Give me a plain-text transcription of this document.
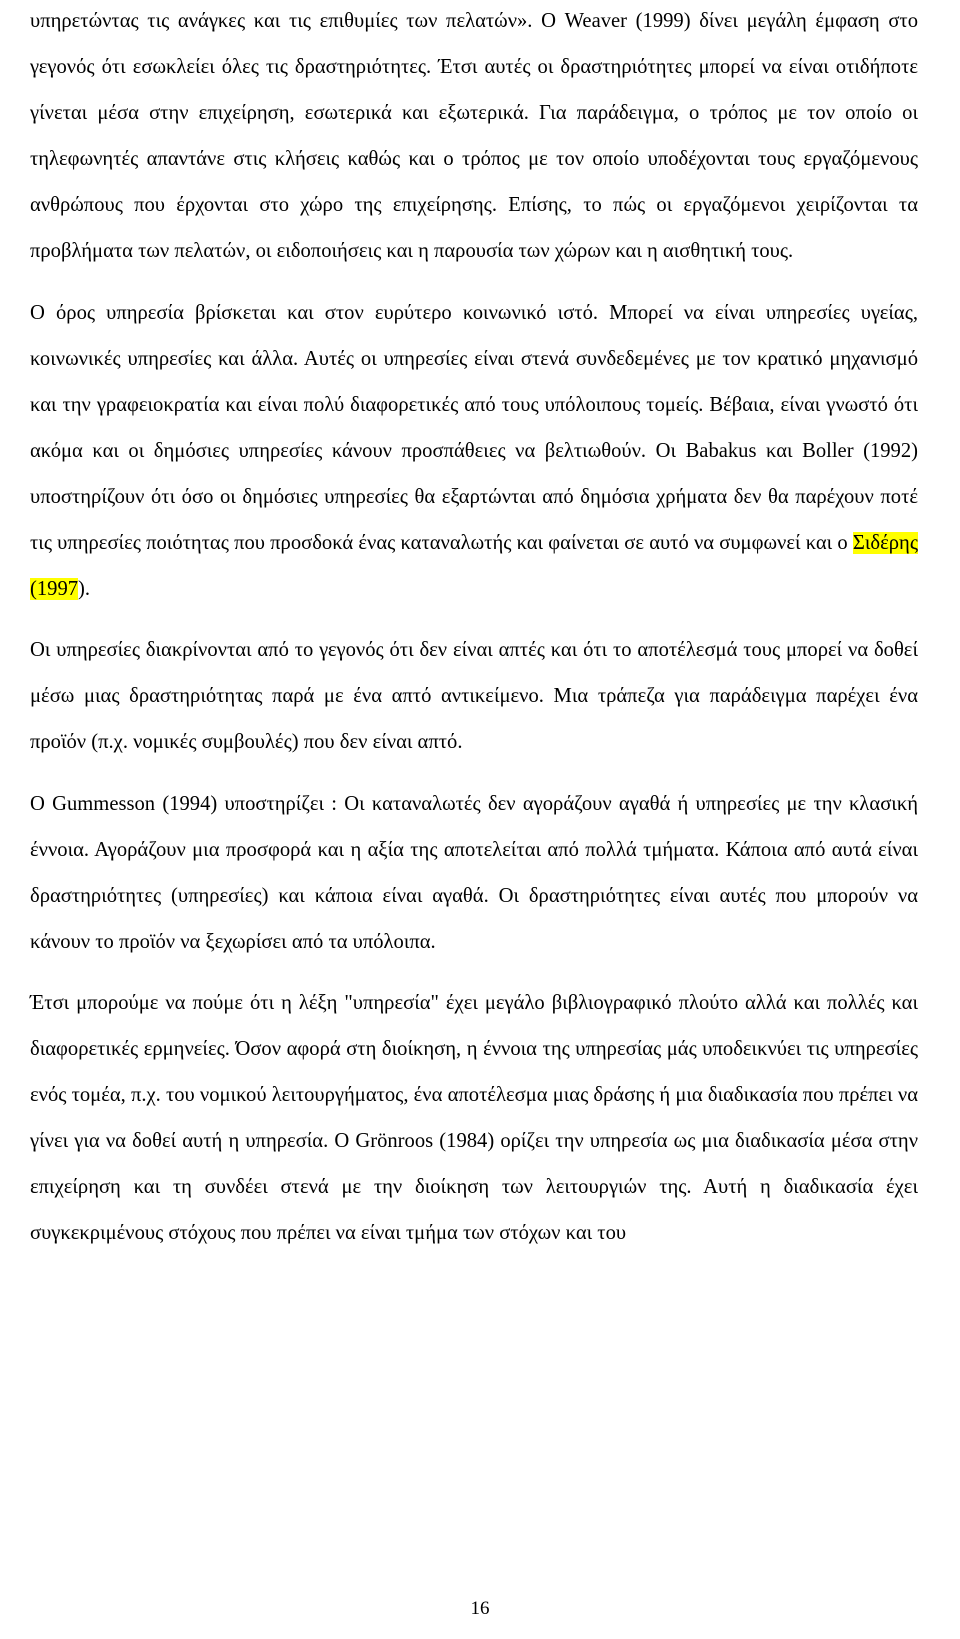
υπηρετώντας τις ανάγκες και τις επιθυμίες των πελατών». Ο Weaver (1999) δίνει μεγάλη έμφαση στο γεγονός ότι εσωκλείει όλες τις δραστηριότητες. Έτσι αυτές οι δραστηριότητες μπορεί να είναι οτιδήποτε γίνεται μέσα στην επιχείρηση, εσωτερικά και εξωτερικά. Για παράδειγμα, ο τρόπος με τον οποίο οι τηλεφωνητές απαντάνε στις κλήσεις καθώς και ο τρόπος με τον οποίο υποδέχονται τους εργαζόμενους ανθρώπους που έρχονται στο χώρο της επιχείρησης. Επίσης, το πώς οι εργαζόμενοι χειρίζονται τα προβλήματα των πελατών, οι ειδοποιήσεις και η παρουσία των χώρων και η αισθητική τους.

Ο όρος υπηρεσία βρίσκεται και στον ευρύτερο κοινωνικό ιστό. Μπορεί να είναι υπηρεσίες υγείας, κοινωνικές υπηρεσίες και άλλα. Αυτές οι υπηρεσίες είναι στενά συνδεδεμένες με τον κρατικό μηχανισμό και την γραφειοκρατία και είναι πολύ διαφορετικές από τους υπόλοιπους τομείς. Βέβαια, είναι γνωστό ότι ακόμα και οι δημόσιες υπηρεσίες κάνουν προσπάθειες να βελτιωθούν. Οι Babakus και Boller (1992) υποστηρίζουν ότι όσο οι δημόσιες υπηρεσίες θα εξαρτώνται από δημόσια χρήματα δεν θα παρέχουν ποτέ τις υπηρεσίες ποιότητας που προσδοκά ένας καταναλωτής και φαίνεται σε αυτό να συμφωνεί και ο Σιδέρης (1997).

Οι υπηρεσίες διακρίνονται από το γεγονός ότι δεν είναι απτές και ότι το αποτέλεσμά τους μπορεί να δοθεί μέσω μιας δραστηριότητας παρά με ένα απτό αντικείμενο. Μια τράπεζα για παράδειγμα παρέχει ένα προϊόν (π.χ. νομικές συμβουλές) που δεν είναι απτό.

Ο Gummesson (1994) υποστηρίζει : Οι καταναλωτές δεν αγοράζουν αγαθά ή υπηρεσίες με την κλασική έννοια. Αγοράζουν μια προσφορά και η αξία της αποτελείται από πολλά τμήματα. Κάποια από αυτά είναι δραστηριότητες (υπηρεσίες) και κάποια είναι αγαθά. Οι δραστηριότητες είναι αυτές που μπορούν να κάνουν το προϊόν να ξεχωρίσει από τα υπόλοιπα.

Έτσι μπορούμε να πούμε ότι η λέξη "υπηρεσία" έχει μεγάλο βιβλιογραφικό πλούτο αλλά και πολλές και διαφορετικές ερμηνείες. Όσον αφορά στη διοίκηση, η έννοια της υπηρεσίας μάς υποδεικνύει τις υπηρεσίες ενός τομέα, π.χ. του νομικού λειτουργήματος, ένα αποτέλεσμα μιας δράσης ή μια διαδικασία που πρέπει να γίνει για να δοθεί αυτή η υπηρεσία. Ο Grönroos (1984) ορίζει την υπηρεσία ως μια διαδικασία μέσα στην επιχείρηση και τη συνδέει στενά με την διοίκηση των λειτουργιών της. Αυτή η διαδικασία έχει συγκεκριμένους στόχους που πρέπει να είναι τμήμα των στόχων και του

16
